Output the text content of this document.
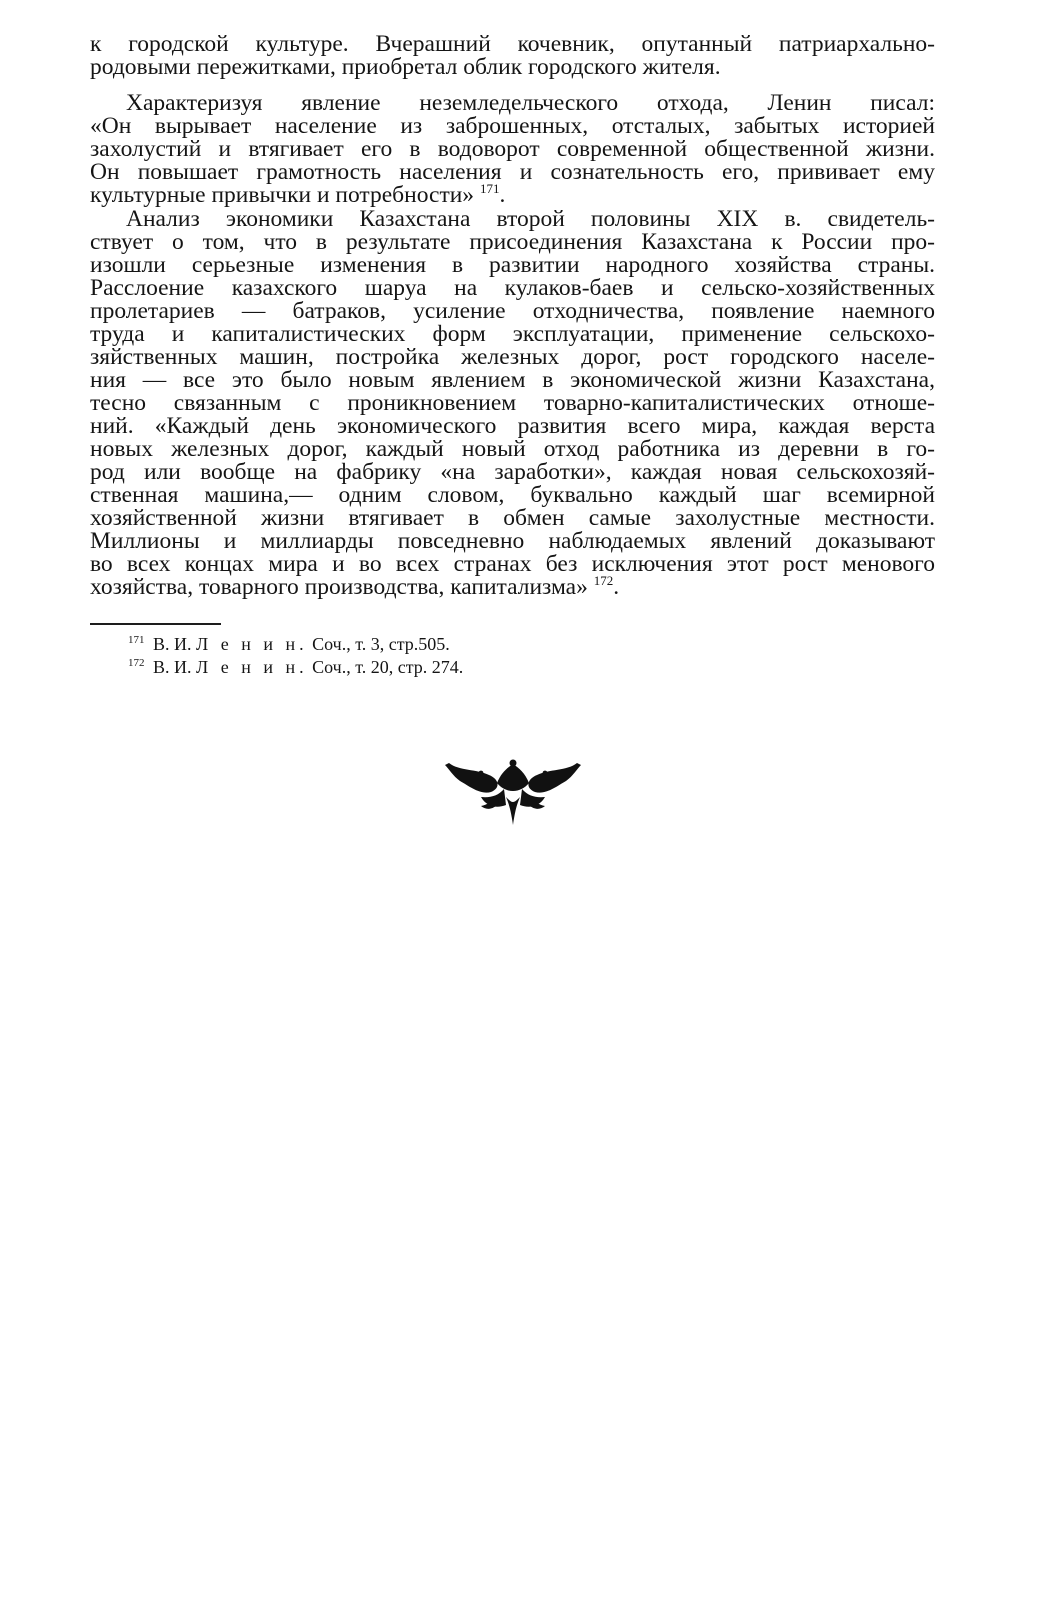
к городской культуре. Вчерашний кочевник, опутанный патриархально-
родовыми пережитками, приобретал облик городского жителя.
Характеризуя явление неземледельческого отхода, Ленин писал:
«Он вырывает население из заброшенных, отсталых, забытых историей
захолустий и втягивает его в водоворот современной общественной жизни.
Он повышает грамотность населения и сознательность его, прививает ему
культурные привычки и потребности» $^{171}$.
Анализ экономики Казахстана второй половины XIX в. свидетель-
ствует о том, что в результате присоединения Казахстана к России про-
изошли серьезные изменения в развитии народного хозяйства страны.
Расслоение казахского шаруа на кулаков-баев и сельско-хозяйственных
пролетариев — батраков, усиление отходничества, появление наемного
труда и капиталистических форм эксплуатации, применение сельскохо-
зяйственных машин, постройка железных дорог, рост городского населе-
ния — все это было новым явлением в экономической жизни Казахстана,
тесно связанным с проникновением товарно-капиталистических отноше-
ний. «Каждый день экономического развития всего мира, каждая верста
новых железных дорог, каждый новый отход работника из деревни в го-
род или вообще на фабрику «на заработки», каждая новая сельскохозяй-
ственная машина,— одним словом, буквально каждый шаг всемирной
хозяйственной жизни втягивает в обмен самые захолустные местности.
Миллионы и миллиарды повседневно наблюдаемых явлений доказывают
во всех концах мира и во всех странах без исключения этот рост менового
хозяйства, товарного производства, капитализма» $^{172}$.
$^{171}$ В. И. Л е н и н. Соч., т. 3, стр.505.
$^{172}$ В. И. Л е н и н. Соч., т. 20, стр. 274.
